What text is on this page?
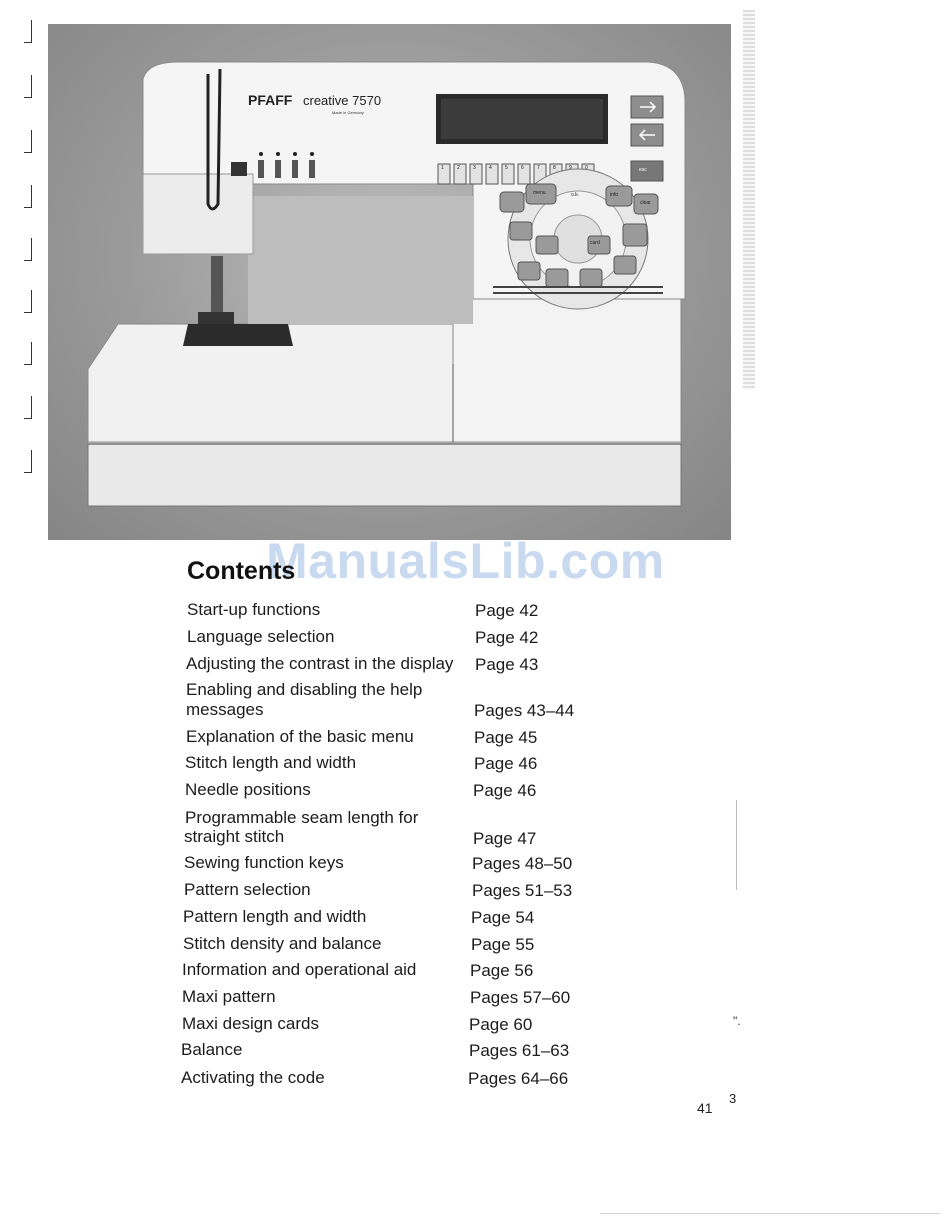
PFAFF creative 7570
Made in Germany
o.k.
menu
clear
esc
info
card
1	2	3	4	5	6	7	8	9	0
ManualsLib.com
Contents
Start-up functions	Page 42
Language selection	Page 42
Adjusting the contrast in the display Page 43
Enabling and disabling the help
messages	Pages 43–44
Explanation of the basic menu	Page 45
Stitch length and width	Page 46
Needle positions	Page 46
Programmable seam length for
straight stitch	Page 47
Sewing function keys	Pages 48–50
Pattern selection	Pages 51–53
Pattern length and width	Page 54
Stitch density and balance	Page 55
Information and operational aid	Page 56
Maxi pattern	Pages 57–60
Maxi design cards	Page 60
Balance	Pages 61–63
Activating the code	Pages 64–66
".
41
3
